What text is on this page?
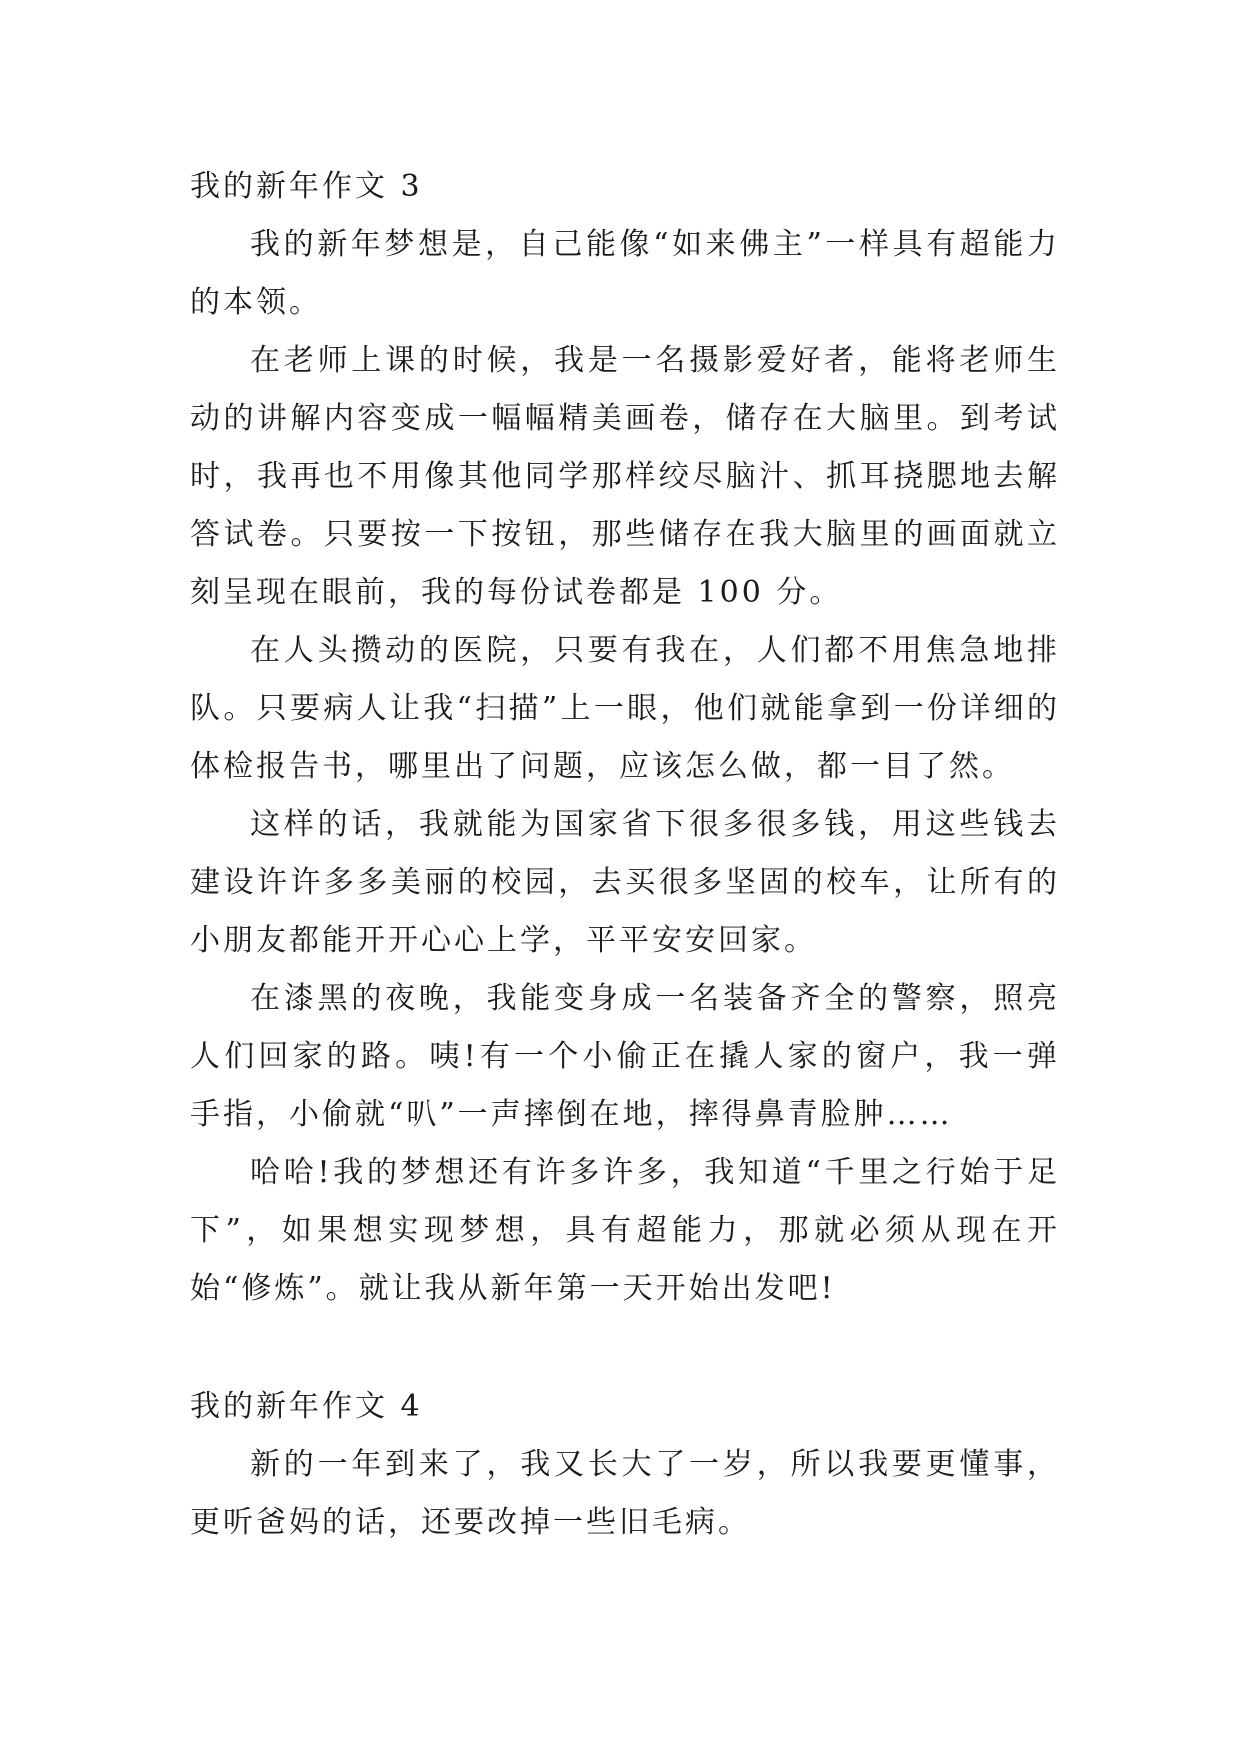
我的新年作文 3

我的新年梦想是，自己能像“如来佛主”一样具有超能力的本领。

在老师上课的时候，我是一名摄影爱好者，能将老师生动的讲解内容变成一幅幅精美画卷，储存在大脑里。到考试时，我再也不用像其他同学那样绞尽脑汁、抓耳挠腮地去解答试卷。只要按一下按钮，那些储存在我大脑里的画面就立刻呈现在眼前，我的每份试卷都是 100 分。

在人头攒动的医院，只要有我在，人们都不用焦急地排队。只要病人让我“扫描”上一眼，他们就能拿到一份详细的体检报告书，哪里出了问题，应该怎么做，都一目了然。

这样的话，我就能为国家省下很多很多钱，用这些钱去建设许许多多美丽的校园，去买很多坚固的校车，让所有的小朋友都能开开心心上学，平平安安回家。

在漆黑的夜晚，我能变身成一名装备齐全的警察，照亮人们回家的路。咦!有一个小偷正在撬人家的窗户，我一弹手指，小偷就“叭”一声摔倒在地，摔得鼻青脸肿……

哈哈!我的梦想还有许多许多，我知道“千里之行始于足下”，如果想实现梦想，具有超能力，那就必须从现在开始“修炼”。就让我从新年第一天开始出发吧!

我的新年作文 4

新的一年到来了，我又长大了一岁，所以我要更懂事，更听爸妈的话，还要改掉一些旧毛病。
